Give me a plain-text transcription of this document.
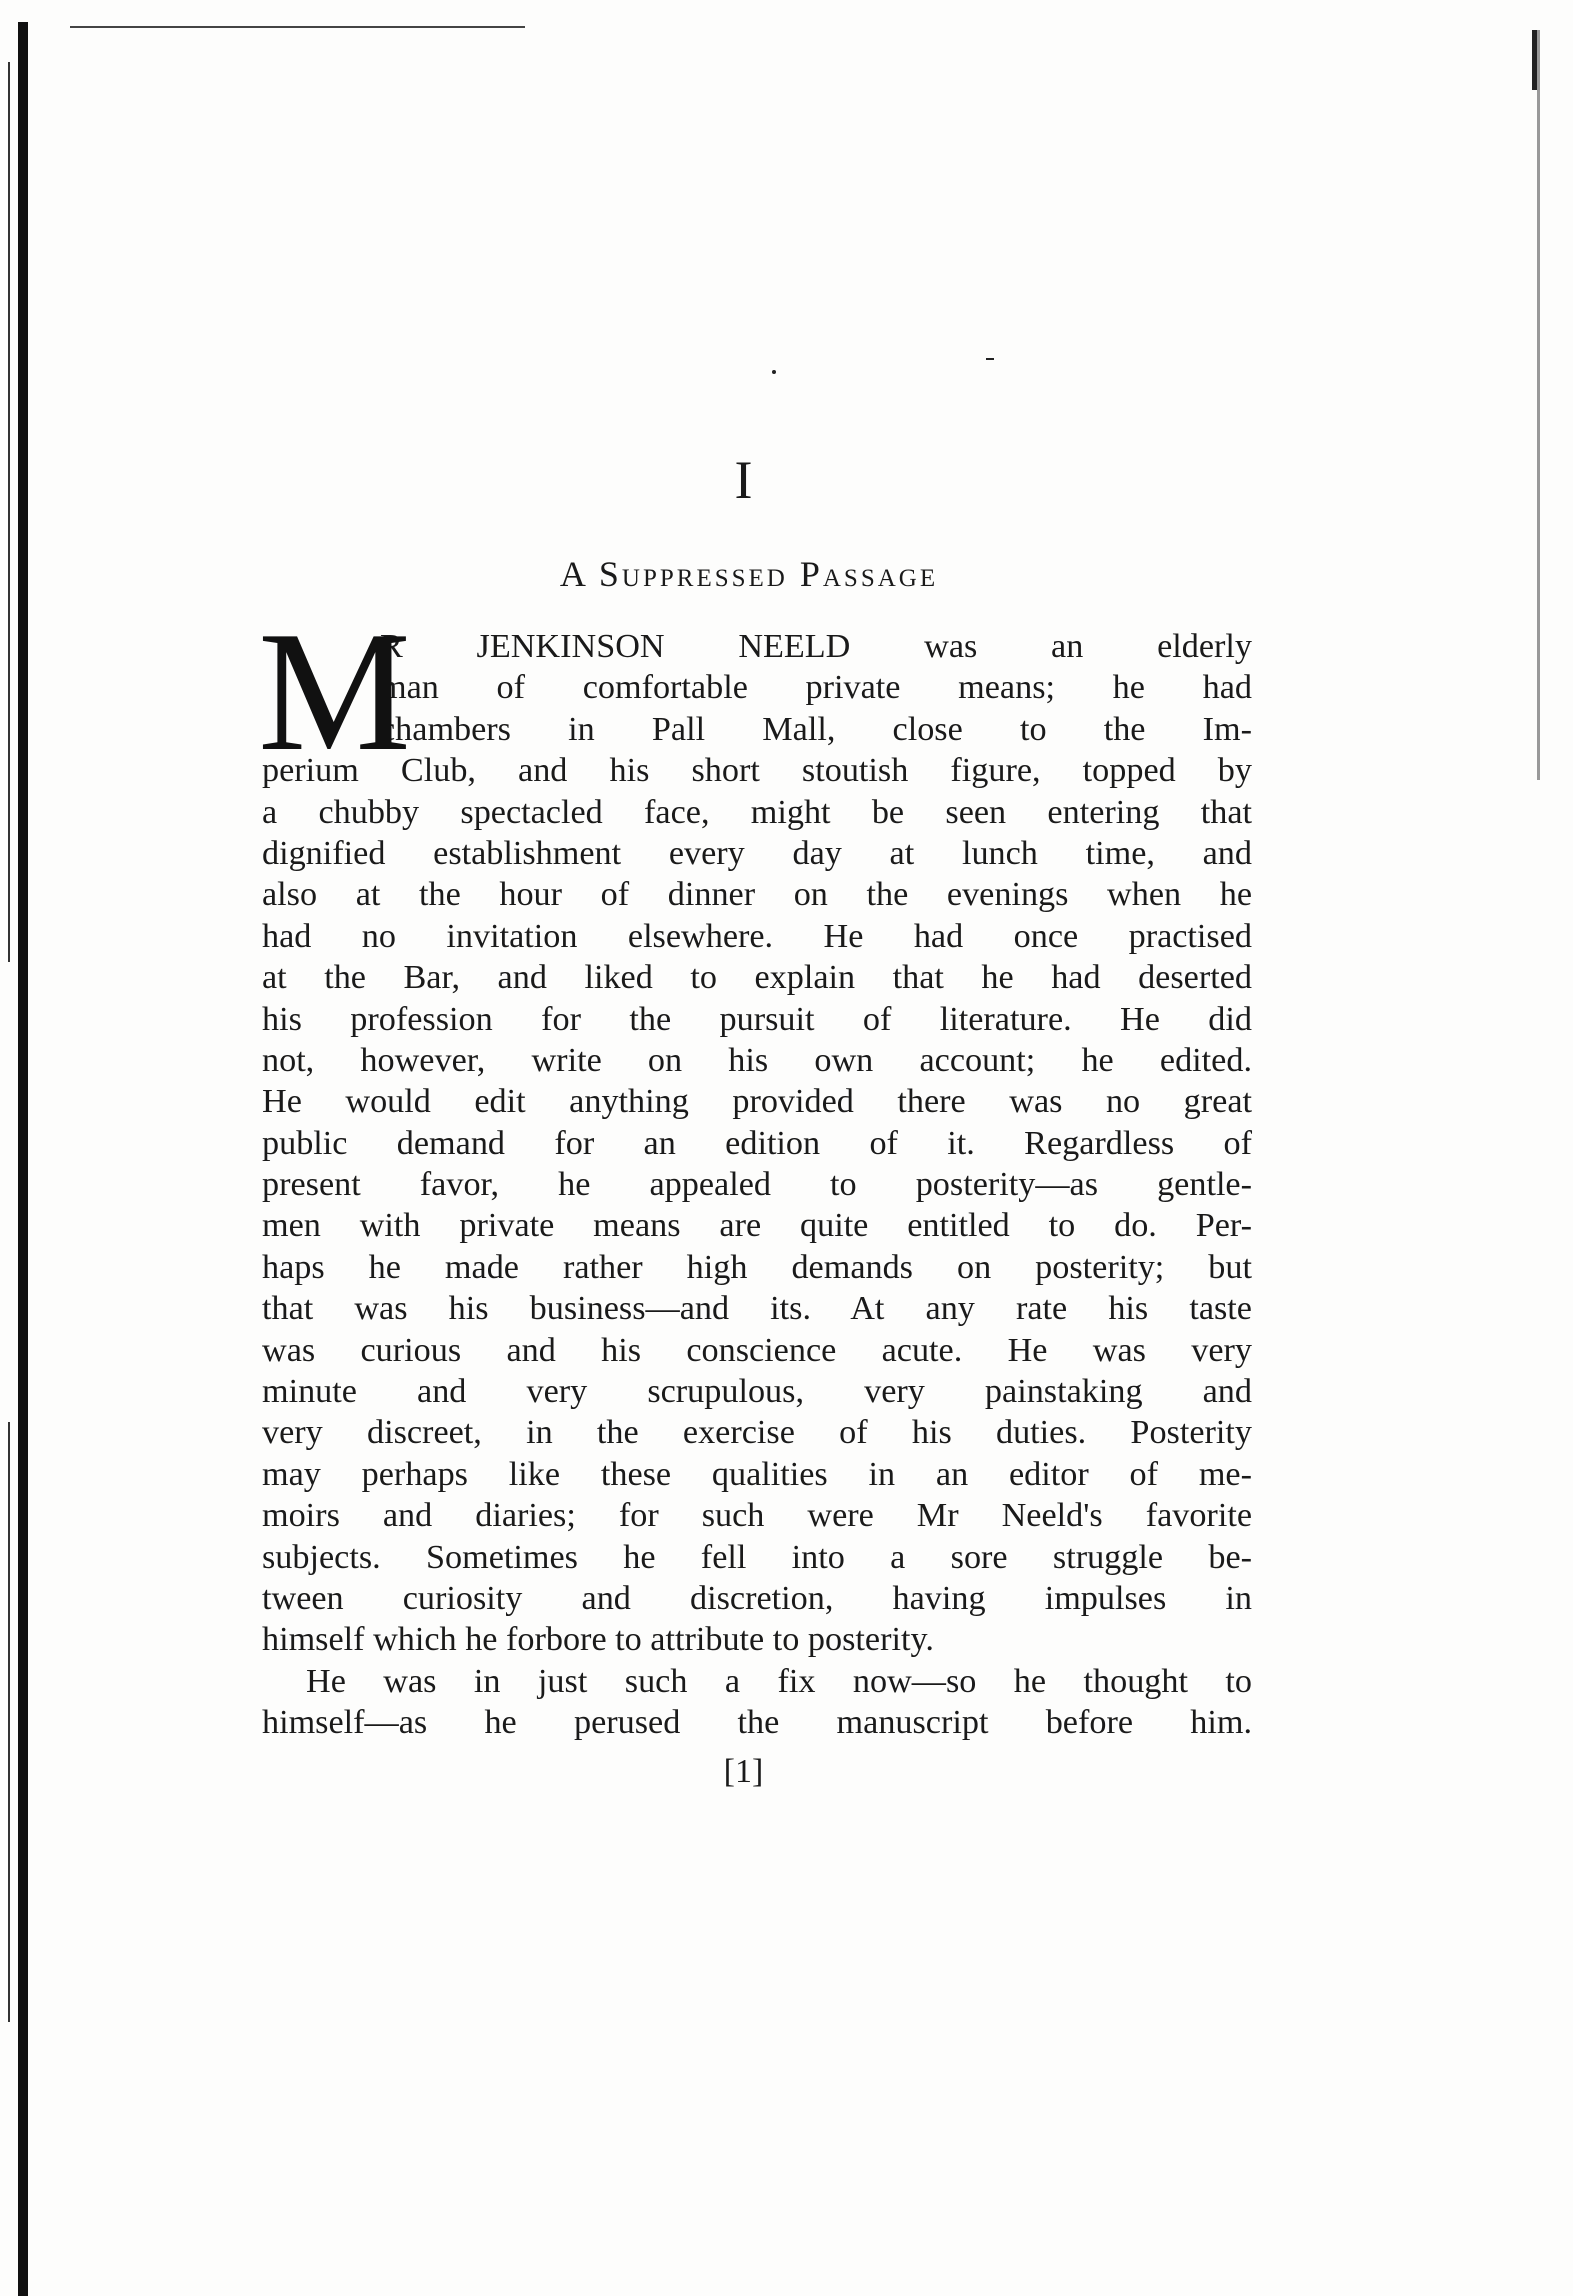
I
A Suppressed Passage
M
R JENKINSON NEELD was an elderly
man of comfortable private means; he had
chambers in Pall Mall, close to the Im-
perium Club, and his short stoutish figure, topped by
a chubby spectacled face, might be seen entering that
dignified establishment every day at lunch time, and
also at the hour of dinner on the evenings when he
had no invitation elsewhere. He had once practised
at the Bar, and liked to explain that he had deserted
his profession for the pursuit of literature. He did
not, however, write on his own account; he edited.
He would edit anything provided there was no great
public demand for an edition of it. Regardless of
present favor, he appealed to posterity—as gentle-
men with private means are quite entitled to do. Per-
haps he made rather high demands on posterity; but
that was his business—and its. At any rate his taste
was curious and his conscience acute. He was very
minute and very scrupulous, very painstaking and
very discreet, in the exercise of his duties. Posterity
may perhaps like these qualities in an editor of me-
moirs and diaries; for such were Mr Neeld's favorite
subjects. Sometimes he fell into a sore struggle be-
tween curiosity and discretion, having impulses in
himself which he forbore to attribute to posterity.
He was in just such a fix now—so he thought to
himself—as he perused the manuscript before him.
[1]
